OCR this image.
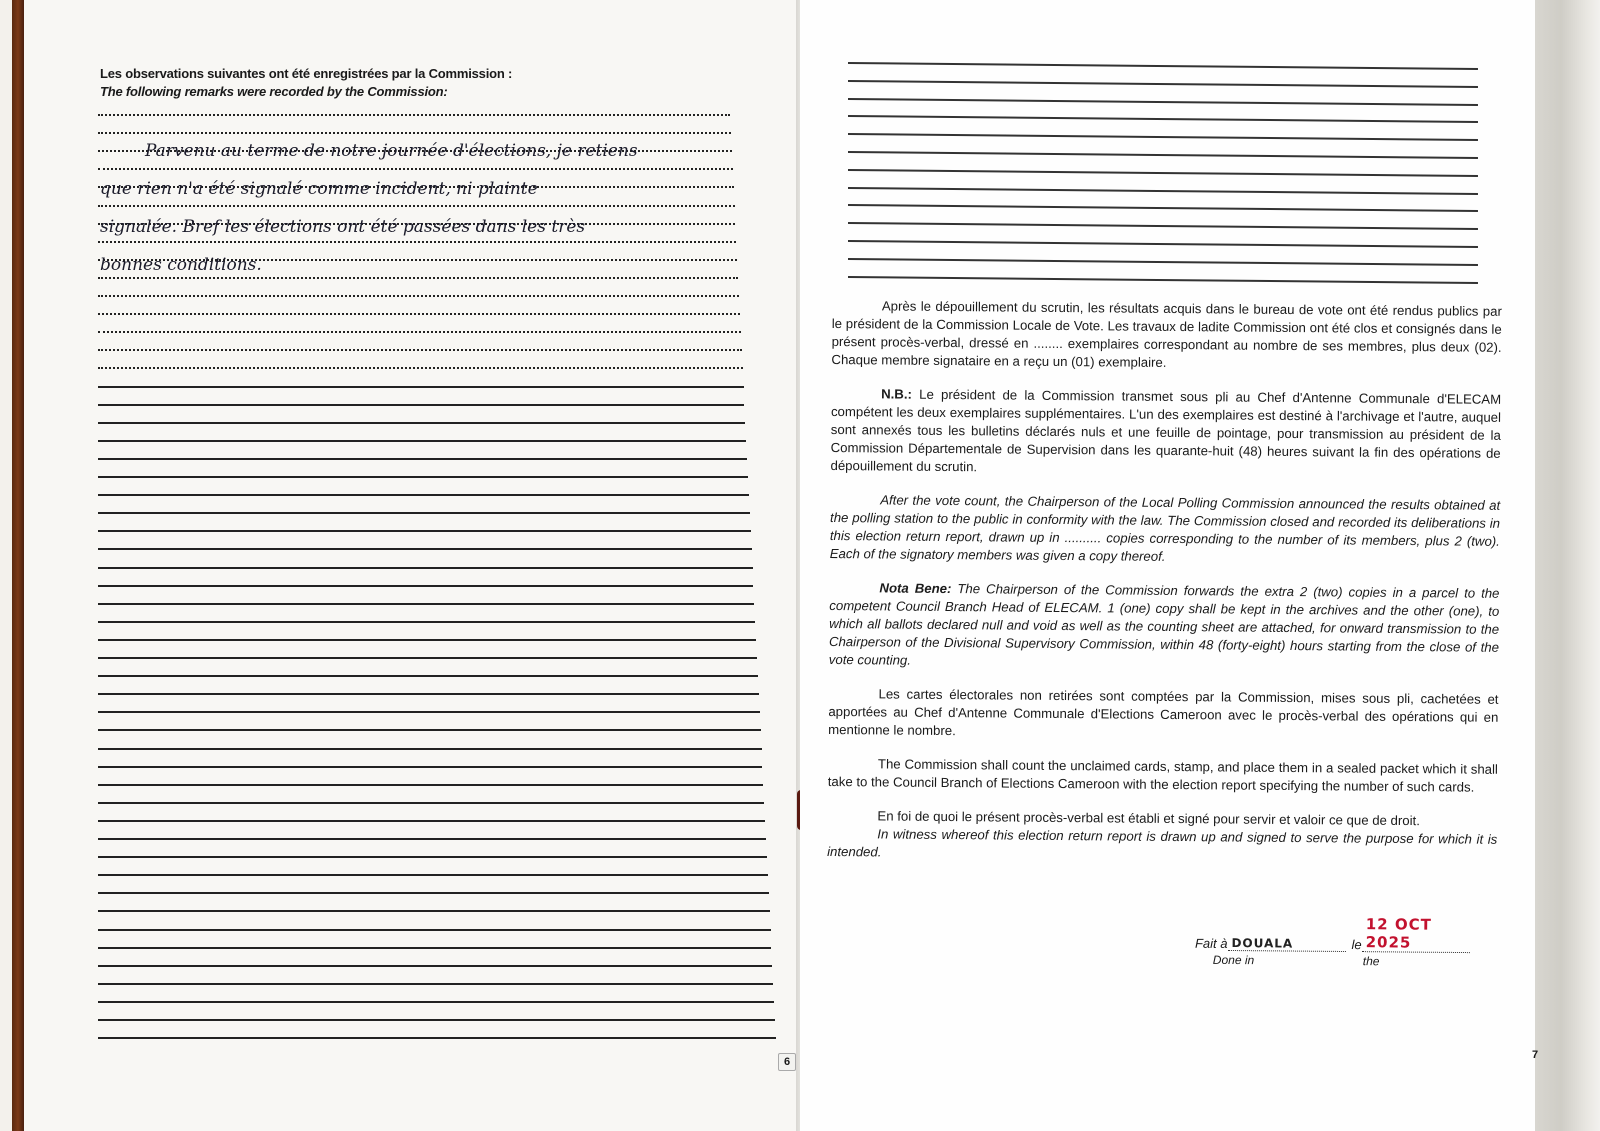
Les observations suivantes ont été enregistrées par la Commission :
The following remarks were recorded by the Commission:
Parvenu au terme de notre journée d'élections, je retiens
que rien n'a été signalé comme incident, ni plainte
signalée. Bref les élections ont été passées dans les très
bonnes conditions.
6

Après le dépouillement du scrutin, les résultats acquis dans le bureau de vote ont été rendus publics par le président de la Commission Locale de Vote. Les travaux de ladite Commission ont été clos et consignés dans le présent procès-verbal, dressé en ........ exemplaires correspondant au nombre de ses membres, plus deux (02). Chaque membre signataire en a reçu un (01) exemplaire.

N.B.: Le président de la Commission transmet sous pli au Chef d'Antenne Communale d'ELECAM compétent les deux exemplaires supplémentaires. L'un des exemplaires est destiné à l'archivage et l'autre, auquel sont annexés tous les bulletins déclarés nuls et une feuille de pointage, pour transmission au président de la Commission Départementale de Supervision dans les quarante-huit (48) heures suivant la fin des opérations de dépouillement du scrutin.

After the vote count, the Chairperson of the Local Polling Commission announced the results obtained at the polling station to the public in conformity with the law. The Commission closed and recorded its deliberations in this election return report, drawn up in .......... copies corresponding to the number of its members, plus 2 (two). Each of the signatory members was given a copy thereof.

Nota Bene: The Chairperson of the Commission forwards the extra 2 (two) copies in a parcel to the competent Council Branch Head of ELECAM. 1 (one) copy shall be kept in the archives and the other (one), to which all ballots declared null and void as well as the counting sheet are attached, for onward transmission to the Chairperson of the Divisional Supervisory Commission, within 48 (forty-eight) hours starting from the close of the vote counting.

Les cartes électorales non retirées sont comptées par la Commission, mises sous pli, cachetées et apportées au Chef d'Antenne Communale d'Elections Cameroon avec le procès-verbal des opérations qui en mentionne le nombre.

The Commission shall count the unclaimed cards, stamp, and place them in a sealed packet which it shall take to the Council Branch of Elections Cameroon with the election report specifying the number of such cards.

En foi de quoi le présent procès-verbal est établi et signé pour servir et valoir ce que de droit.

In witness whereof this election return report is drawn up and signed to serve the purpose for which it is intended.

Fait à DOUALA	le
12 OCT 2025
Done in	the
7
